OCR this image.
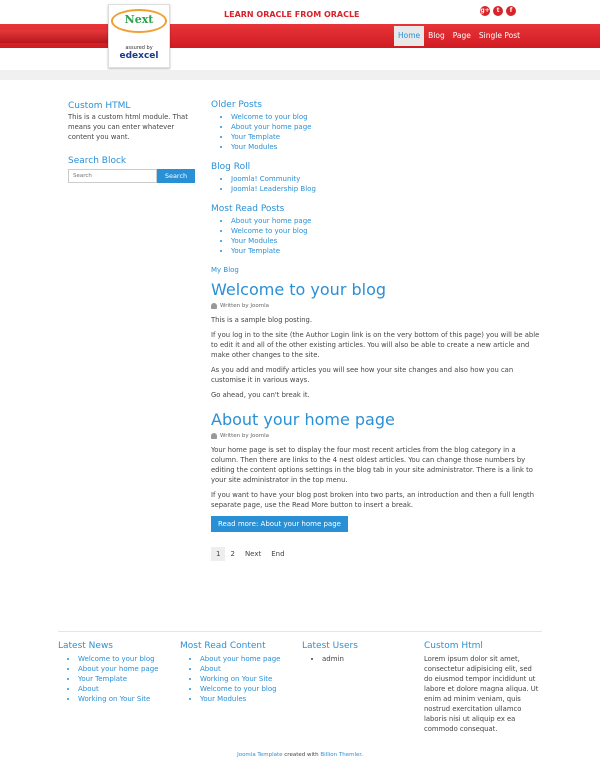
Next
assured by
edexcel
LEARN ORACLE FROM ORACLE	g+	t	f
Home	Blog	Page	Single Post
Custom HTML

This is a custom html module. That means you can enter whatever content you want.

Search Block
Search
Search
Older Posts
• Welcome to your blog
• About your home page
• Your Template
• Your Modules
Blog Roll
• Joomla! Community
• Joomla! Leadership Blog
Most Read Posts
• About your home page
• Welcome to your blog
• Your Modules
• Your Template
My Blog
Welcome to your blog
Written by Joomla

This is a sample blog posting.

If you log in to the site (the Author Login link is on the very bottom of this page) you will be able to edit it and all of the other existing articles. You will also be able to create a new article and make other changes to the site.

As you add and modify articles you will see how your site changes and also how you can customise it in various ways.

Go ahead, you can't break it.

About your home page
Written by Joomla

Your home page is set to display the four most recent articles from the blog category in a column. Then there are links to the 4 nest oldest articles. You can change those numbers by editing the content options settings in the blog tab in your site administrator. There is a link to your site administrator in the top menu.

If you want to have your blog post broken into two parts, an introduction and then a full length separate page, use the Read More button to insert a break.

Read more: About your home page
1	2	Next	End
Latest News
• Welcome to your blog
• About your home page
• Your Template
• About
• Working on Your Site
Most Read Content
• About your home page
• About
• Working on Your Site
• Welcome to your blog
• Your Modules
Latest Users
• admin
Custom Html

Lorem ipsum dolor sit amet, consectetur adipisicing elit, sed do eiusmod tempor incididunt ut labore et dolore magna aliqua. Ut enim ad minim veniam, quis nostrud exercitation ullamco laboris nisi ut aliquip ex ea commodo consequat.

Joomla Template created with Billion Themler.
